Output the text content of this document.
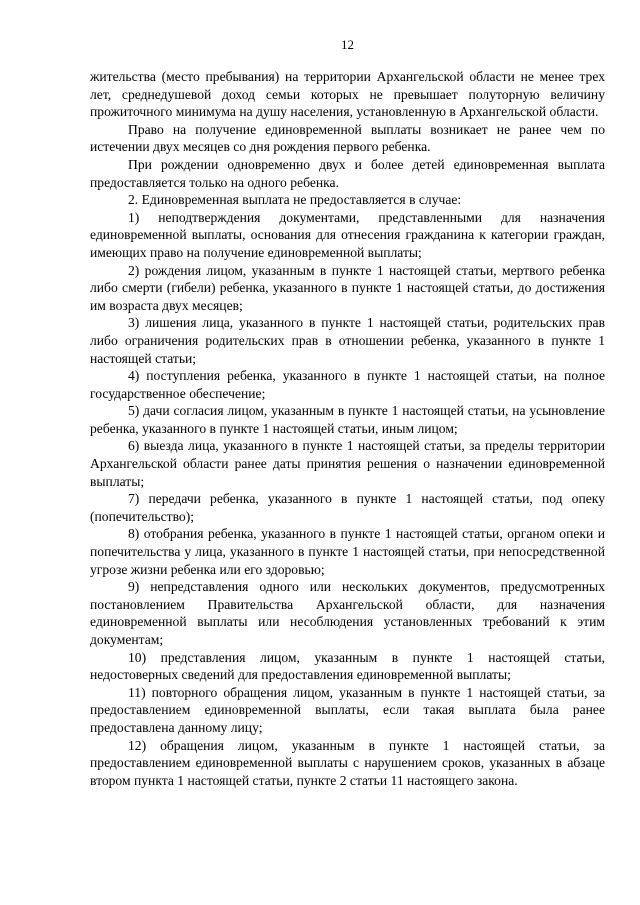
12

жительства (место пребывания) на территории Архангельской области не менее трех лет, среднедушевой доход семьи которых не превышает полуторную величину прожиточного минимума на душу населения, установленную в Архангельской области.

Право на получение единовременной выплаты возникает не ранее чем по истечении двух месяцев со дня рождения первого ребенка.

При рождении одновременно двух и более детей единовременная выплата предоставляется только на одного ребенка.

2. Единовременная выплата не предоставляется в случае:

1) неподтверждения документами, представленными для назначения единовременной выплаты, основания для отнесения гражданина к категории граждан, имеющих право на получение единовременной выплаты;

2) рождения лицом, указанным в пункте 1 настоящей статьи, мертвого ребенка либо смерти (гибели) ребенка, указанного в пункте 1 настоящей статьи, до достижения им возраста двух месяцев;

3) лишения лица, указанного в пункте 1 настоящей статьи, родительских прав либо ограничения родительских прав в отношении ребенка, указанного в пункте 1 настоящей статьи;

4) поступления ребенка, указанного в пункте 1 настоящей статьи, на полное государственное обеспечение;

5) дачи согласия лицом, указанным в пункте 1 настоящей статьи, на усыновление ребенка, указанного в пункте 1 настоящей статьи, иным лицом;

6) выезда лица, указанного в пункте 1 настоящей статьи, за пределы территории Архангельской области ранее даты принятия решения о назначении единовременной выплаты;

7) передачи ребенка, указанного в пункте 1 настоящей статьи, под опеку (попечительство);

8) отобрания ребенка, указанного в пункте 1 настоящей статьи, органом опеки и попечительства у лица, указанного в пункте 1 настоящей статьи, при непосредственной угрозе жизни ребенка или его здоровью;

9) непредставления одного или нескольких документов, предусмотренных постановлением Правительства Архангельской области, для назначения единовременной выплаты или несоблюдения установленных требований к этим документам;

10) представления лицом, указанным в пункте 1 настоящей статьи, недостоверных сведений для предоставления единовременной выплаты;

11) повторного обращения лицом, указанным в пункте 1 настоящей статьи, за предоставлением единовременной выплаты, если такая выплата была ранее предоставлена данному лицу;

12) обращения лицом, указанным в пункте 1 настоящей статьи, за предоставлением единовременной выплаты с нарушением сроков, указанных в абзаце втором пункта 1 настоящей статьи, пункте 2 статьи 11 настоящего закона.
